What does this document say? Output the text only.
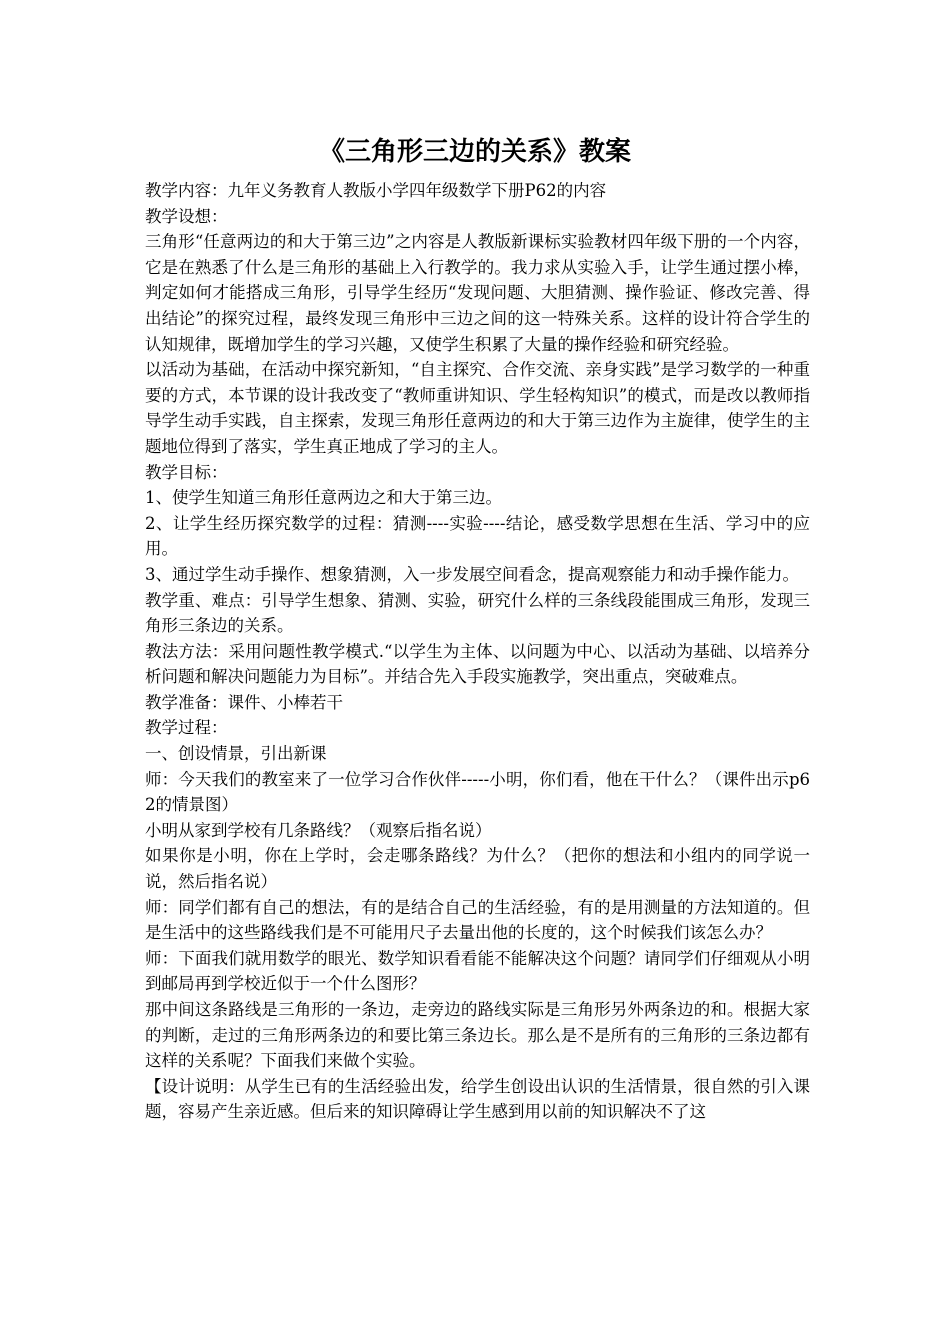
《三角形三边的关系》教案

教学内容：九年义务教育人教版小学四年级数学下册P62的内容

教学设想：

三角形“任意两边的和大于第三边”之内容是人教版新课标实验教材四年级下册的一个内容，它是在熟悉了什么是三角形的基础上入行教学的。我力求从实验入手，让学生通过摆小棒，判定如何才能搭成三角形，引导学生经历“发现问题、大胆猜测、操作验证、修改完善、得出结论”的探究过程，最终发现三角形中三边之间的这一特殊关系。这样的设计符合学生的认知规律，既增加学生的学习兴趣，又使学生积累了大量的操作经验和研究经验。

以活动为基础，在活动中探究新知，“自主探究、合作交流、亲身实践”是学习数学的一种重要的方式，本节课的设计我改变了“教师重讲知识、学生轻构知识”的模式，而是改以教师指导学生动手实践，自主探索，发现三角形任意两边的和大于第三边作为主旋律，使学生的主题地位得到了落实，学生真正地成了学习的主人。

教学目标：

1、使学生知道三角形任意两边之和大于第三边。

2、让学生经历探究数学的过程：猜测----实验----结论，感受数学思想在生活、学习中的应用。

3、通过学生动手操作、想象猜测，入一步发展空间看念，提高观察能力和动手操作能力。

教学重、难点：引导学生想象、猜测、实验，研究什么样的三条线段能围成三角形，发现三角形三条边的关系。

教法方法：采用问题性教学模式.“以学生为主体、以问题为中心、以活动为基础、以培养分析问题和解决问题能力为目标”。并结合先入手段实施教学，突出重点，突破难点。

教学准备：课件、小棒若干

教学过程：

一、创设情景，引出新课

师：今天我们的教室来了一位学习合作伙伴-----小明，你们看，他在干什么？（课件出示p62的情景图）

小明从家到学校有几条路线？（观察后指名说）

如果你是小明，你在上学时，会走哪条路线？为什么？（把你的想法和小组内的同学说一说，然后指名说）

师：同学们都有自己的想法，有的是结合自己的生活经验，有的是用测量的方法知道的。但是生活中的这些路线我们是不可能用尺子去量出他的长度的，这个时候我们该怎么办？

师：下面我们就用数学的眼光、数学知识看看能不能解决这个问题？请同学们仔细观从小明到邮局再到学校近似于一个什么图形？

那中间这条路线是三角形的一条边，走旁边的路线实际是三角形另外两条边的和。根据大家的判断，走过的三角形两条边的和要比第三条边长。那么是不是所有的三角形的三条边都有这样的关系呢？下面我们来做个实验。

【设计说明：从学生已有的生活经验出发，给学生创设出认识的生活情景，很自然的引入课题，容易产生亲近感。但后来的知识障碍让学生感到用以前的知识解决不了这
